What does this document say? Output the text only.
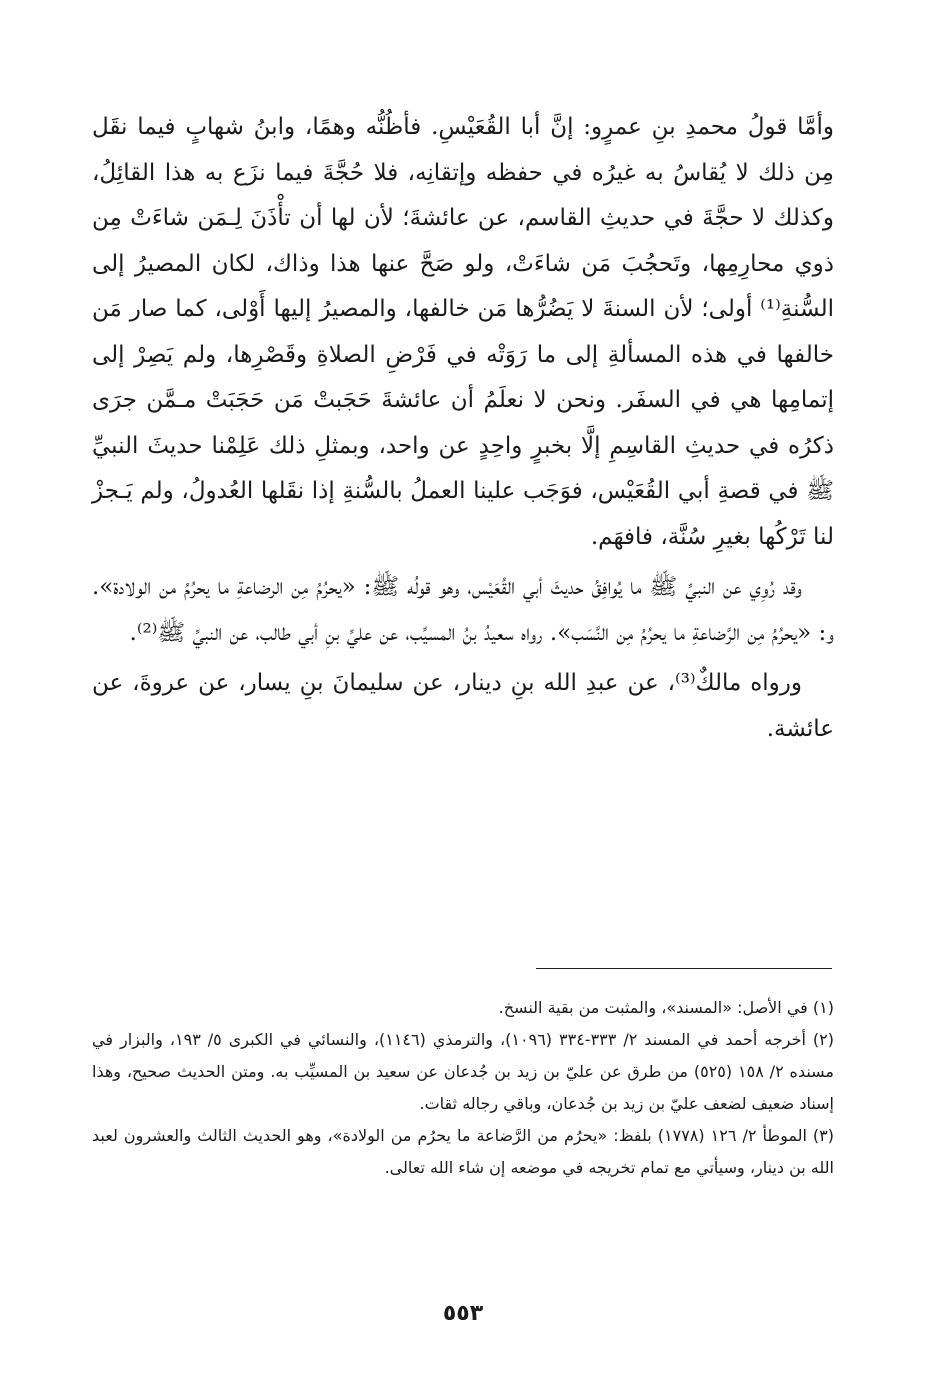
وأمَّا قولُ محمدِ بنِ عمرٍو: إنَّ أبا القُعَيْسِ. فأظُنُّه وهمًا، وابنُ شهابٍ فيما نقَل مِن ذلك لا يُقاسُ به غيرُه في حفظه وإتقانِه، فلا حُجَّةَ فيما نزَع به هذا القائِلُ، وكذلك لا حجَّةَ في حديثِ القاسم، عن عائشةَ؛ لأن لها أن تأْذَنَ لِـمَن شاءَتْ مِن ذوي محارِمِها، وتَحجُبَ مَن شاءَتْ، ولو صَحَّ عنها هذا وذاك، لكان المصيرُ إلى السُّنةِ⁽¹⁾ أولى؛ لأن السنةَ لا يَضُرُّها مَن خالفها، والمصيرُ إليها أَوْلى، كما صار مَن خالفها في هذه المسألةِ إلى ما رَوَتْه في فَرْضِ الصلاةِ وقَصْرِها، ولم يَصِرْ إلى إتمامِها هي في السفَر. ونحن لا نعلَمُ أن عائشةَ حَجَبتْ مَن حَجَبَتْ مـمَّن جرَى ذكرُه في حديثِ القاسِمِ إلَّا بخبرٍ واحِدٍ عن واحد، وبمثلِ ذلك عَلِمْنا حديثَ النبيِّ ﷺ في قصةِ أبي القُعَيْس، فوَجَب علينا العملُ بالسُّنةِ إذا نقَلها العُدولُ، ولم يَـجزْ لنا تَرْكُها بغيرِ سُنَّة، فافهَم.

وقد رُوِي عن النبيِّ ﷺ ما يُوافِقُ حديثَ أبي القُعَيْس، وهو قولُه ﷺ: «يحرُمُ مِن الرضاعةِ ما يحرُمُ من الولادة». و: «يحرُمُ مِن الرَّضاعةِ ما يحرُمُ مِن النَّسَب». رواه سعيدُ بنُ المسيِّب، عن عليِّ بنِ أبي طالب، عن النبيِّ ﷺ⁽²⁾.

ورواه مالكٌ⁽³⁾، عن عبدِ الله بنِ دينار، عن سليمانَ بنِ يسار، عن عروةَ، عن عائشة.

(١) في الأصل: «المسند»، والمثبت من بقية النسخ.

(٢) أخرجه أحمد في المسند ٢/ ٣٣٣-٣٣٤ (١٠٩٦)، والترمذي (١١٤٦)، والنسائي في الكبرى ٥/ ١٩٣، والبزار في مسنده ٢/ ١٥٨ (٥٢٥) من طرق عن عليّ بن زيد بن جُدعان عن سعيد بن المسيِّب به. ومتن الحديث صحيح، وهذا إسناد ضعيف لضعف عليّ بن زيد بن جُدعان، وباقي رجاله ثقات.

(٣) الموطأ ٢/ ١٢٦ (١٧٧٨) بلفظ: «يحرُم من الرَّضاعة ما يحرُم من الولادة»، وهو الحديث الثالث والعشرون لعبد الله بن دينار، وسيأتي مع تمام تخريجه في موضعه إن شاء الله تعالى.

٥٥٣
